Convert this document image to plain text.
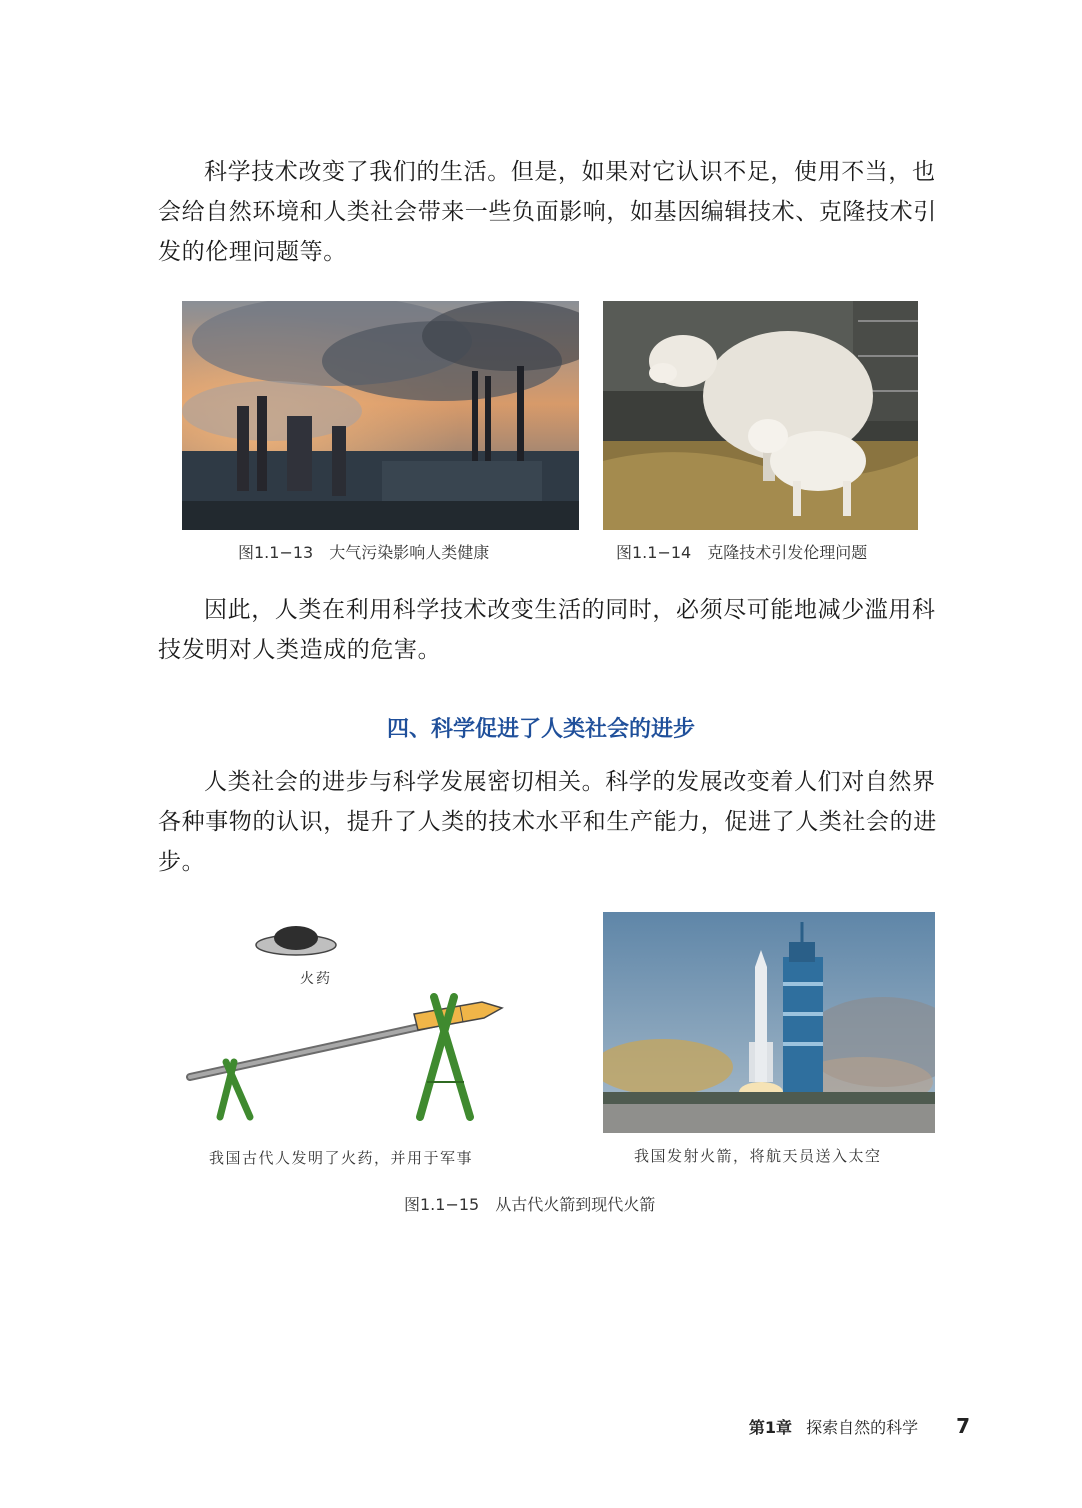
科学技术改变了我们的生活。但是，如果对它认识不足，使用不当，也会给自然环境和人类社会带来一些负面影响，如基因编辑技术、克隆技术引发的伦理问题等。

图1.1−13　大气污染影响人类健康	图1.1−14　克隆技术引发伦理问题

因此，人类在利用科学技术改变生活的同时，必须尽可能地减少滥用科技发明对人类造成的危害。

四、科学促进了人类社会的进步

人类社会的进步与科学发展密切相关。科学的发展改变着人们对自然界各种事物的认识，提升了人类的技术水平和生产能力，促进了人类社会的进步。

火药

我国古代人发明了火药，并用于军事	我国发射火箭，将航天员送入太空

图1.1−15　从古代火箭到现代火箭

第1章 探索自然的科学 7
